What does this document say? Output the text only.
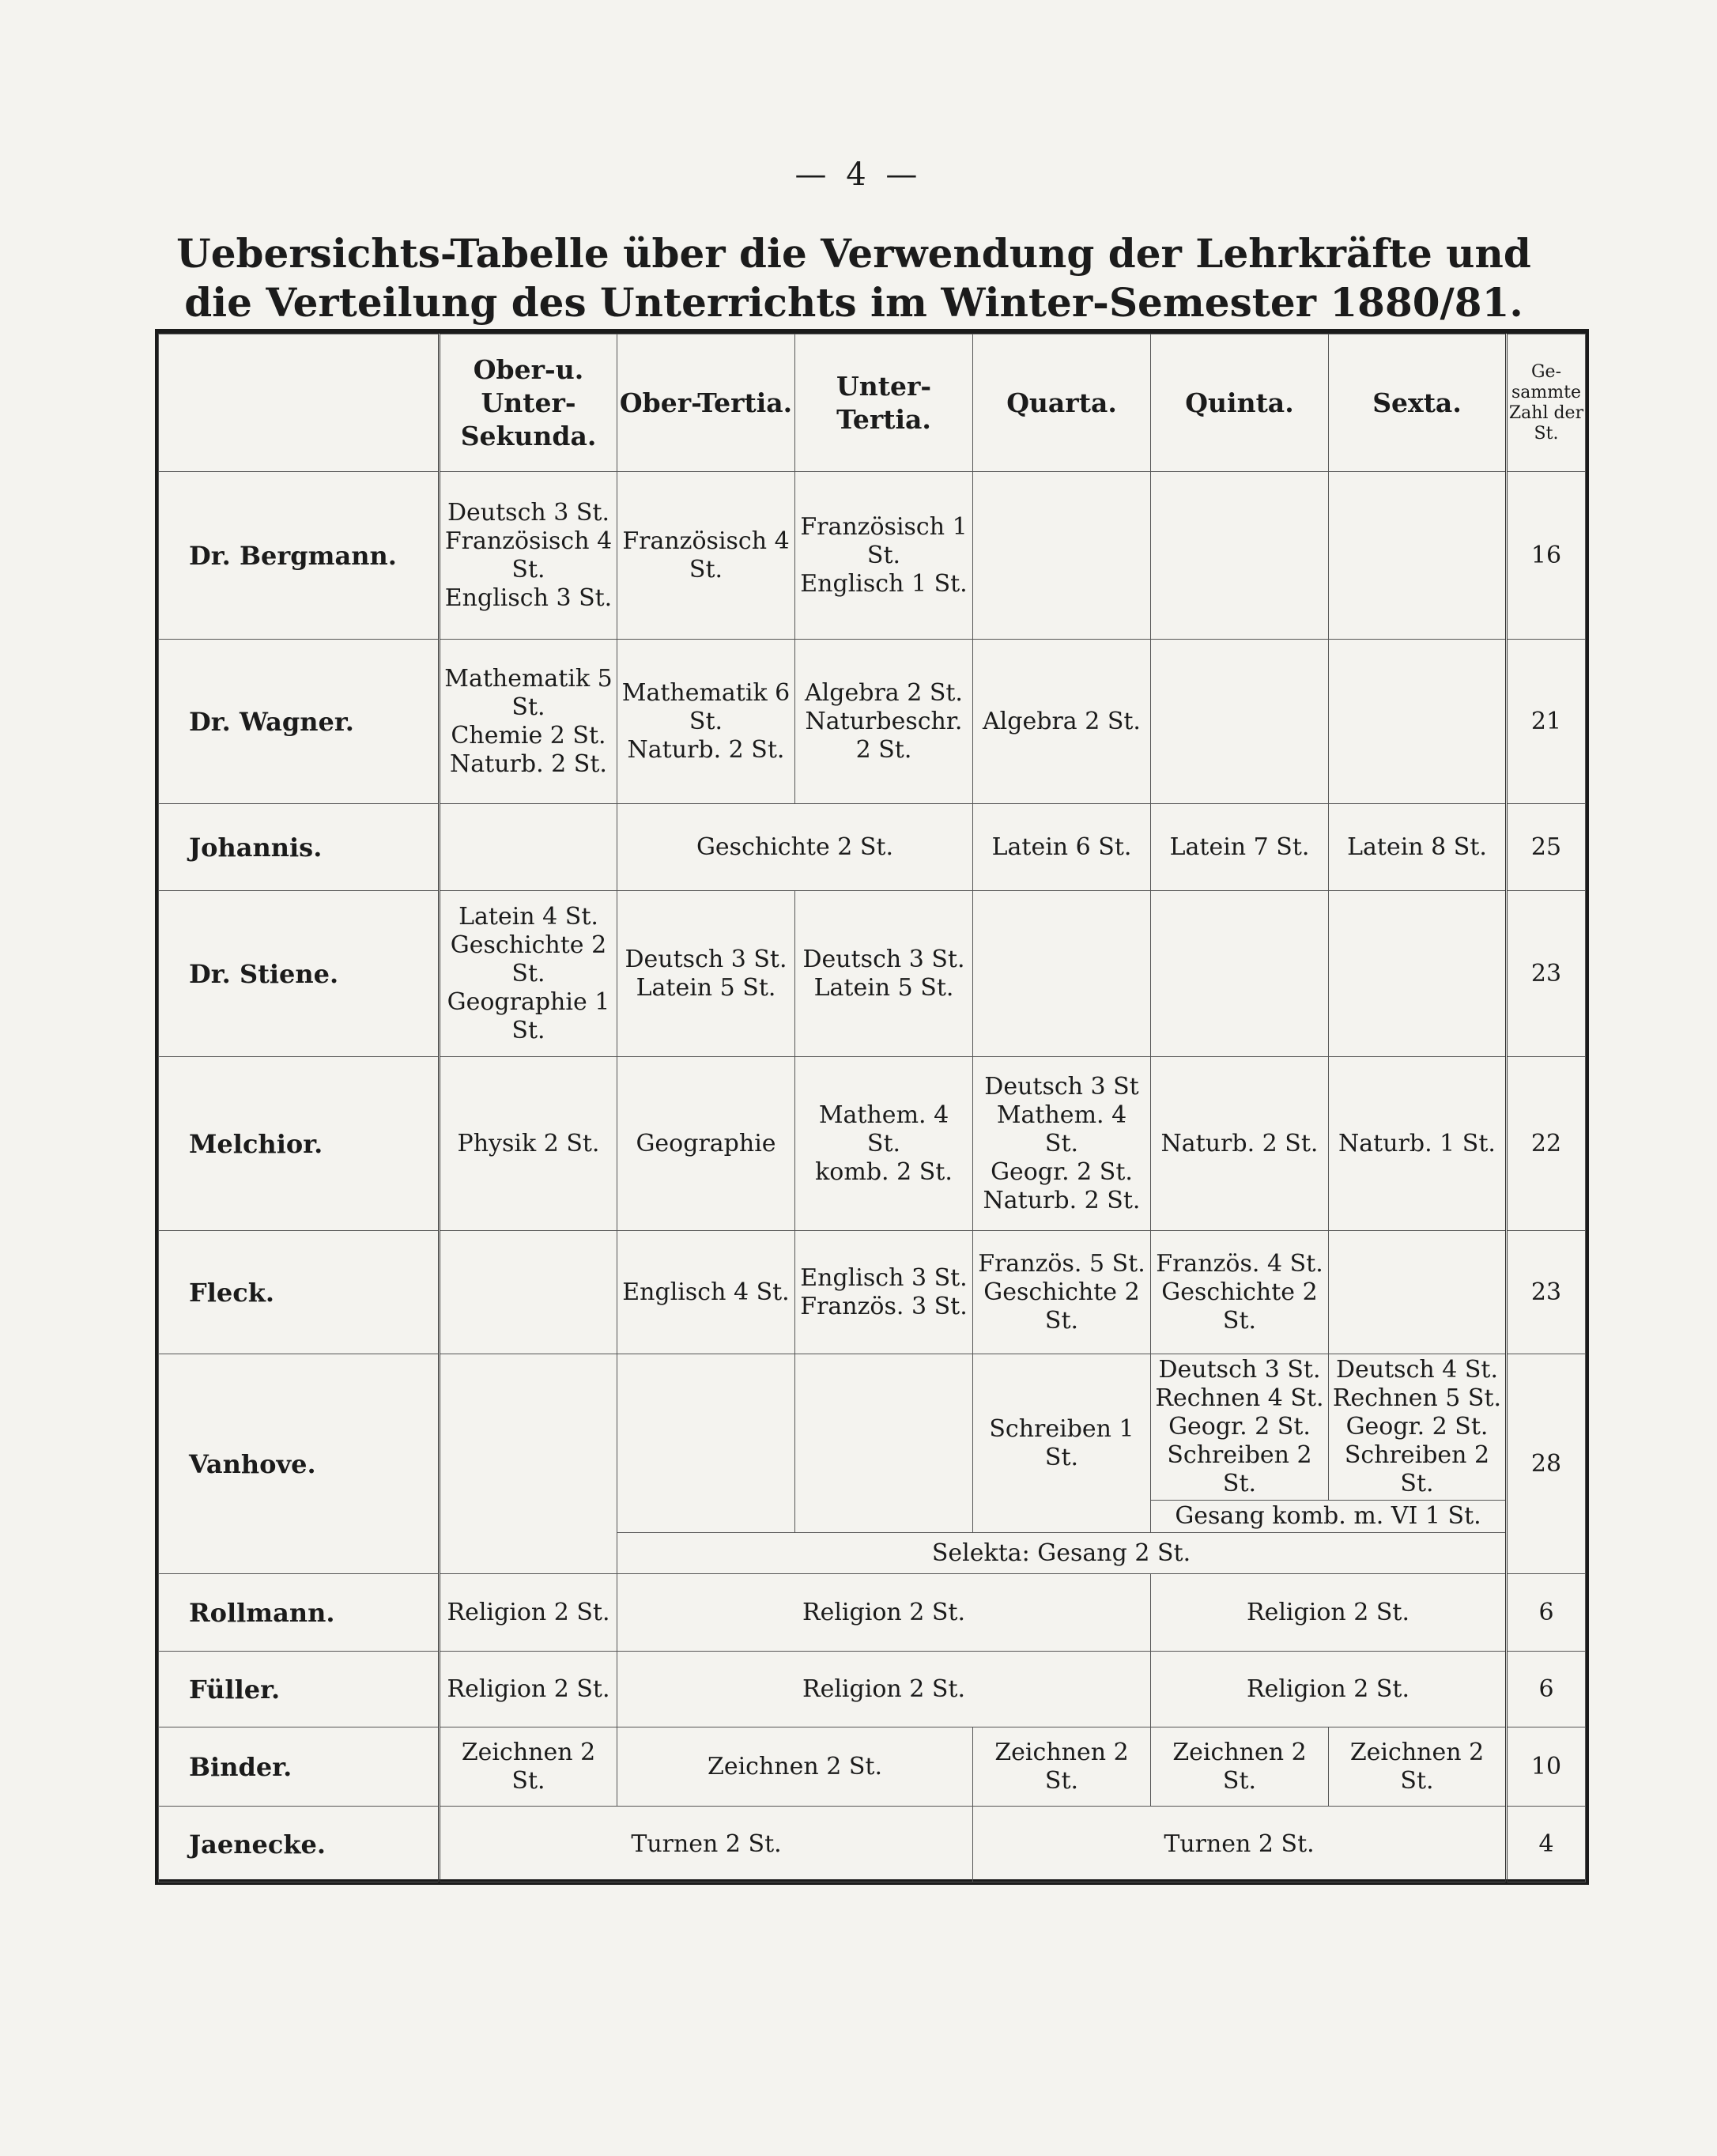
— 4 —
Uebersichts-Tabelle über die Verwendung der Lehrkräfte und die Verteilung des Unterrichts im Winter-Semester 1880/81.
	Ober-u. Unter-Sekunda.	Ober-Tertia.	Unter-Tertia.	Quarta.	Quinta.	Sexta.	Ge-sammte Zahl der St.
Dr. Bergmann.	Deutsch 3 St.
Französisch 4 St.
Englisch 3 St.	Französisch 4 St.	Französisch 1 St.
Englisch 1 St.				16
Dr. Wagner.	Mathematik 5 St.
Chemie 2 St.
Naturb. 2 St.	Mathematik 6 St.
Naturb. 2 St.	Algebra 2 St.
Naturbeschr. 2 St.	Algebra 2 St.			21
Johannis.		Geschichte 2 St.		Latein 6 St.	Latein 7 St.	Latein 8 St.	25
Dr. Stiene.	Latein 4 St.
Geschichte 2 St.
Geographie 1 St.	Deutsch 3 St.
Latein 5 St.	Deutsch 3 St.
Latein 5 St.				23
Melchior.	Physik 2 St.	Geographie	Mathem. 4 St.
komb. 2 St.	Deutsch 3 St
Mathem. 4 St.
Geogr. 2 St.
Naturb. 2 St.	Naturb. 2 St.	Naturb. 1 St.	22
Fleck.		Englisch 4 St.	Englisch 3 St.
Französ. 3 St.	Französ. 5 St.
Geschichte 2 St.	Französ. 4 St.
Geschichte 2 St.		23
Vanhove.				Schreiben 1 St.	Deutsch 3 St.
Rechnen 4 St.
Geogr. 2 St.
Schreiben 2 St.	Deutsch 4 St.
Rechnen 5 St.
Geogr. 2 St.
Schreiben 2 St.	28
					Gesang komb. m. VI 1 St.		
		Selekta: Gesang 2 St.					
Rollmann.	Religion 2 St.	Religion 2 St.			Religion 2 St.		6
Füller.	Religion 2 St.	Religion 2 St.			Religion 2 St.		6
Binder.	Zeichnen 2 St.	Zeichnen 2 St.		Zeichnen 2 St.	Zeichnen 2 St.	Zeichnen 2 St.	10
Jaenecke.	Turnen 2 St.			Turnen 2 St.			4
